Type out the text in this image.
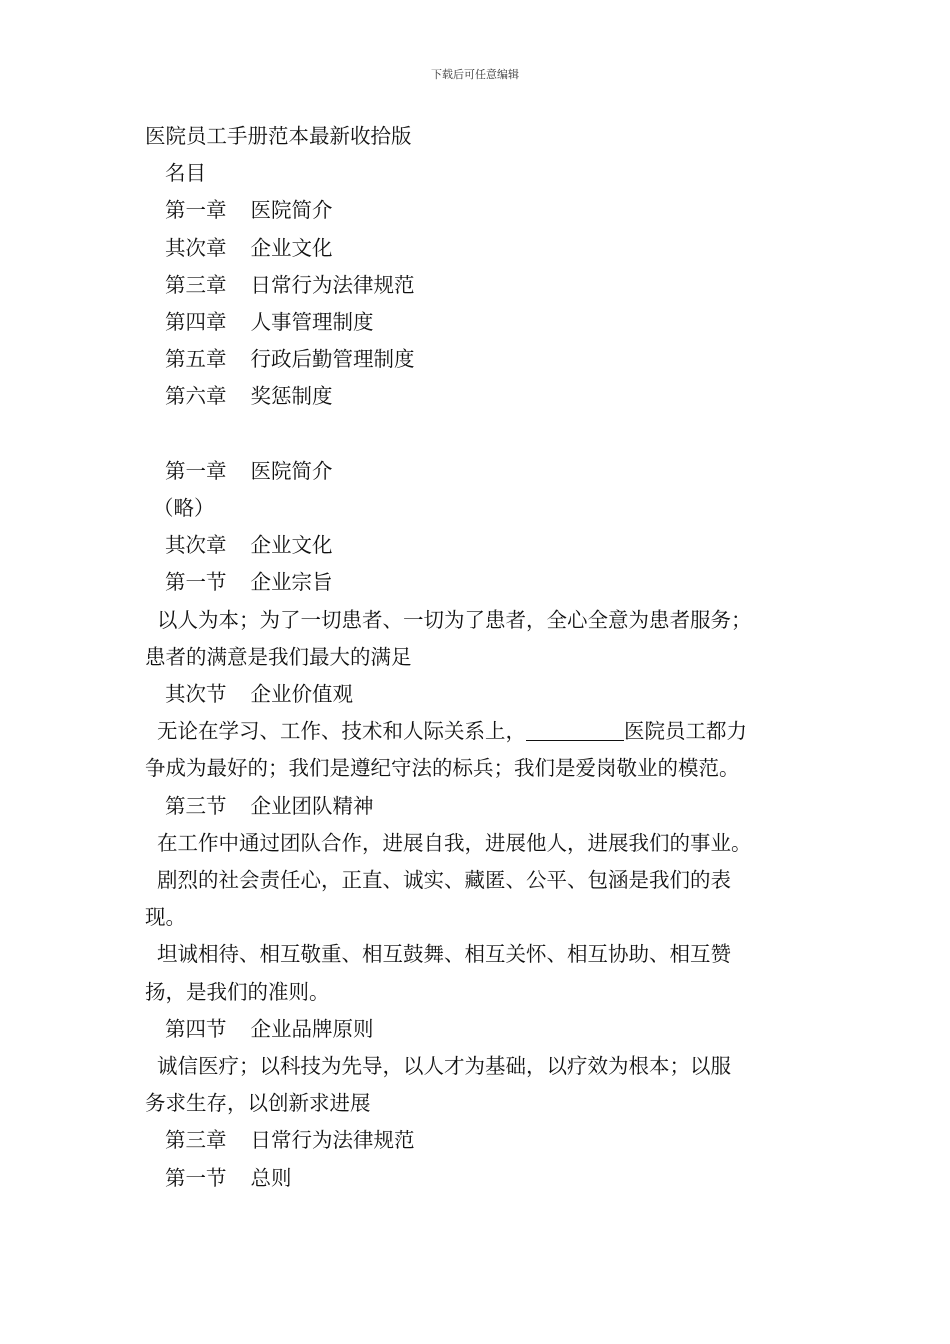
下载后可任意编辑
医院员工手册范本最新收拾版
名目
第一章 医院简介
其次章 企业文化
第三章 日常行为法律规范
第四章 人事管理制度
第五章 行政后勤管理制度
第六章 奖惩制度
第一章 医院简介
（略）
其次章 企业文化
第一节 企业宗旨
以人为本；为了一切患者、一切为了患者，全心全意为患者服务；
患者的满意是我们最大的满足
其次节 企业价值观
无论在学习、工作、技术和人际关系上，	医院员工都力
争成为最好的；我们是遵纪守法的标兵；我们是爱岗敬业的模范。
第三节 企业团队精神
在工作中通过团队合作，进展自我，进展他人，进展我们的事业。
剧烈的社会责任心，正直、诚实、藏匿、公平、包涵是我们的表
现。
坦诚相待、相互敬重、相互鼓舞、相互关怀、相互协助、相互赞
扬，是我们的准则。
第四节 企业品牌原则
诚信医疗；以科技为先导，以人才为基础，以疗效为根本；以服
务求生存，以创新求进展
第三章 日常行为法律规范
第一节 总则
